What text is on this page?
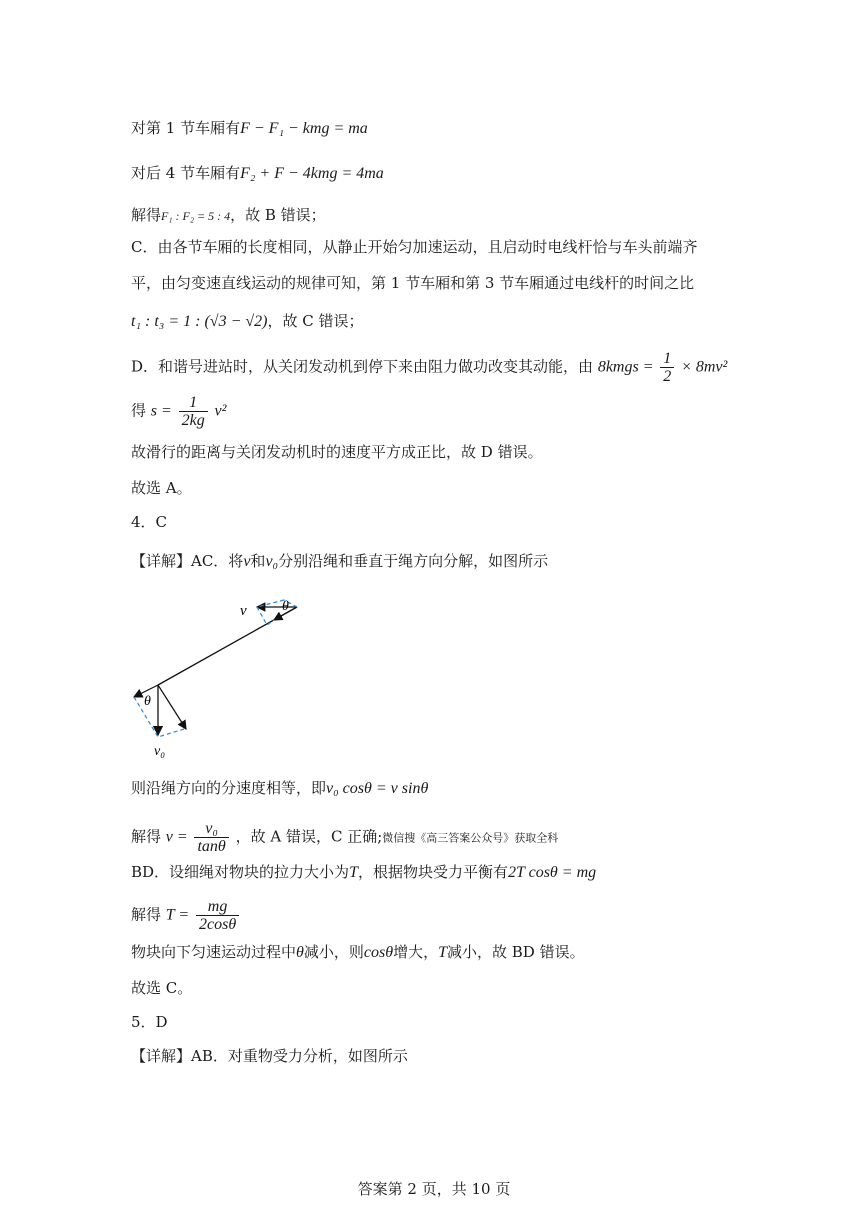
对第 1 节车厢有F − F₁ − kmg = ma
对后 4 节车厢有F₂ + F − 4kmg = 4ma
解得F₁ : F₂ = 5 : 4，故 B 错误；
C．由各节车厢的长度相同，从静止开始匀加速运动，且启动时电线杆恰与车头前端齐
平，由匀变速直线运动的规律可知，第 1 节车厢和第 3 节车厢通过电线杆的时间之比
t₁ : t₃ = 1 : (√3 − √2)，故 C 错误；
D．和谐号进站时，从关闭发动机到停下来由阻力做功改变其动能，由 8kmgs = $\frac{1}{2} \times 8mv^2$
得 $s = \frac{1}{2kg} v^2$
故滑行的距离与关闭发动机时的速度平方成正比，故 D 错误。
故选 A。
4．C
【详解】AC．将v和v₀分别沿绳和垂直于绳方向分解，如图所示
v	θ
θ
v₀
则沿绳方向的分速度相等，即v₀ cosθ = v sinθ
解得 $v = \frac{\text{v₀}}{\tan\theta}$ ，故 A 错误，C 正确;微信搜《高三答案公众号》获取全科
BD．设细绳对物块的拉力大小为T，根据物块受力平衡有2T cosθ = mg
解得 $T = \frac{mg}{2\cos\theta}$
物块向下匀速运动过程中θ减小，则cosθ增大，T减小，故 BD 错误。
故选 C。
5．D
【详解】AB．对重物受力分析，如图所示
答案第 2 页，共 10 页
